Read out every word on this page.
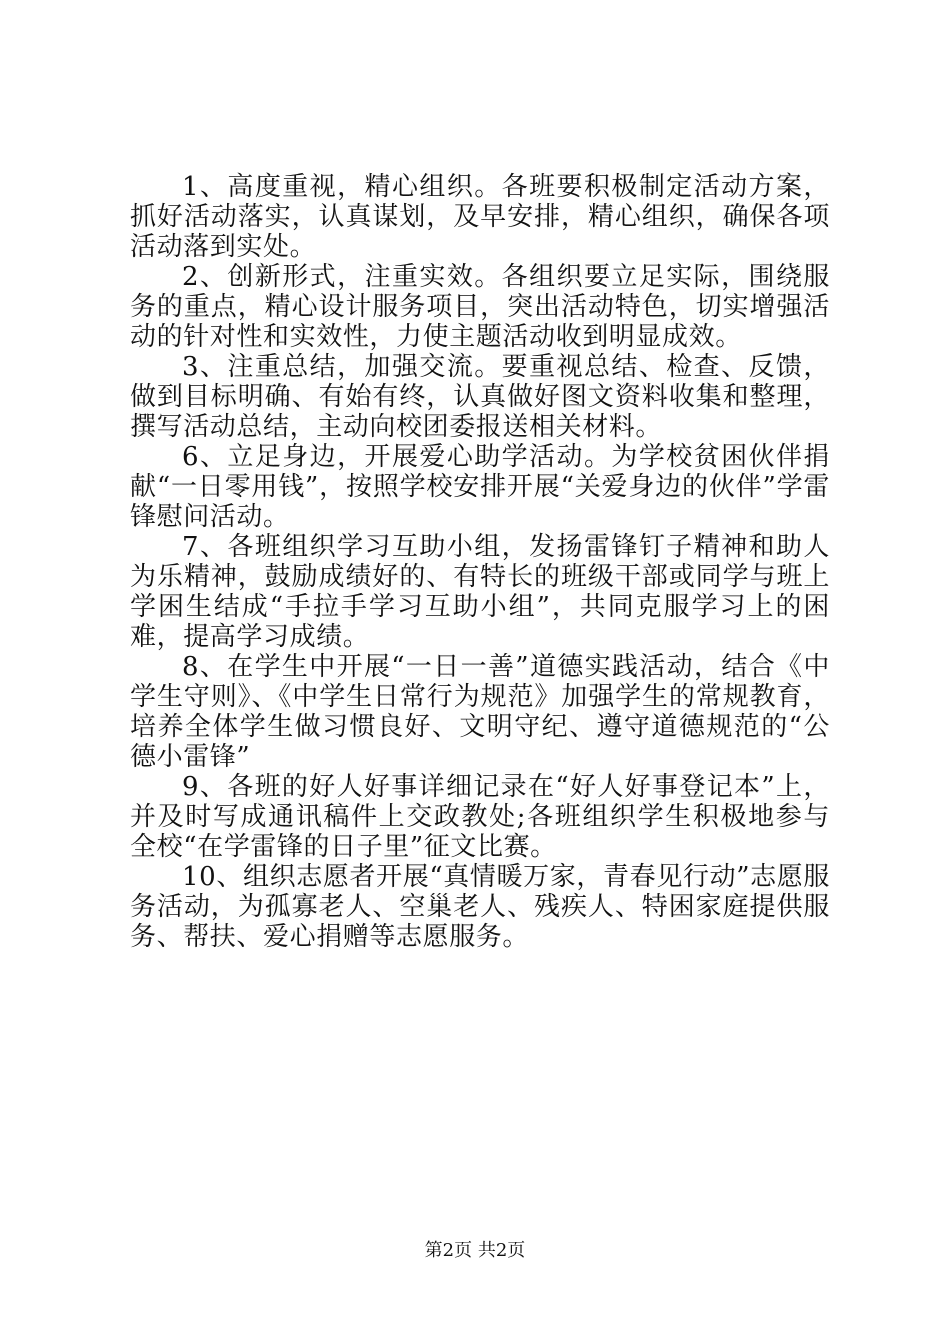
1、高度重视，精心组织。各班要积极制定活动方案，抓好活动落实，认真谋划，及早安排，精心组织，确保各项活动落到实处。

2、创新形式，注重实效。各组织要立足实际，围绕服务的重点，精心设计服务项目，突出活动特色，切实增强活动的针对性和实效性，力使主题活动收到明显成效。

3、注重总结，加强交流。要重视总结、检查、反馈，做到目标明确、有始有终，认真做好图文资料收集和整理，撰写活动总结，主动向校团委报送相关材料。

6、立足身边，开展爱心助学活动。为学校贫困伙伴捐献“一日零用钱”，按照学校安排开展“关爱身边的伙伴”学雷锋慰问活动。

7、各班组织学习互助小组，发扬雷锋钉子精神和助人为乐精神，鼓励成绩好的、有特长的班级干部或同学与班上学困生结成“手拉手学习互助小组”，共同克服学习上的困难，提高学习成绩。

8、在学生中开展“一日一善”道德实践活动，结合《中学生守则》、《中学生日常行为规范》加强学生的常规教育，培养全体学生做习惯良好、文明守纪、遵守道德规范的“公德小雷锋”

9、各班的好人好事详细记录在“好人好事登记本”上，并及时写成通讯稿件上交政教处;各班组织学生积极地参与全校“在学雷锋的日子里”征文比赛。

10、组织志愿者开展“真情暖万家，青春见行动”志愿服务活动，为孤寡老人、空巢老人、残疾人、特困家庭提供服务、帮扶、爱心捐赠等志愿服务。

第2页 共2页
